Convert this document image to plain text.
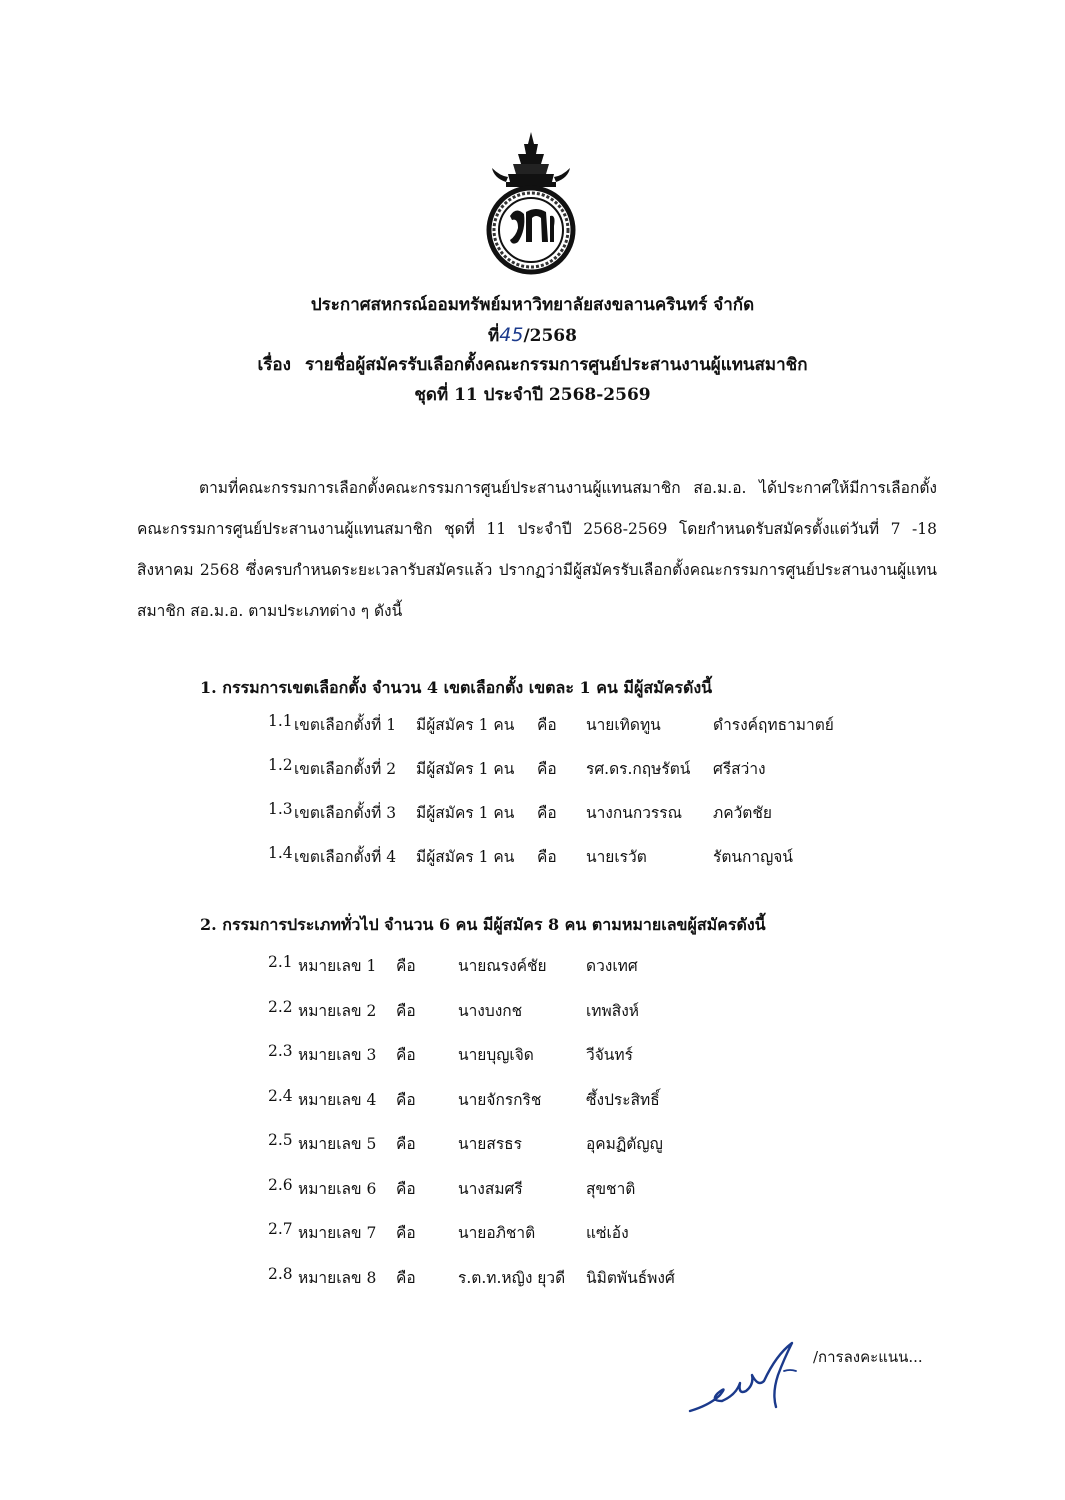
ประกาศสหกรณ์ออมทรัพย์มหาวิทยาลัยสงขลานครินทร์ จำกัด
ที่45/2568
เรื่อง รายชื่อผู้สมัครรับเลือกตั้งคณะกรรมการศูนย์ประสานงานผู้แทนสมาชิก
ชุดที่ 11 ประจำปี 2568-2569

ตามที่คณะกรรมการเลือกตั้งคณะกรรมการศูนย์ประสานงานผู้แทนสมาชิก สอ.ม.อ. ได้ประกาศให้มีการเลือกตั้งคณะกรรมการศูนย์ประสานงานผู้แทนสมาชิก ชุดที่ 11 ประจำปี 2568-2569 โดยกำหนดรับสมัครตั้งแต่วันที่ 7 -18 สิงหาคม 2568 ซึ่งครบกำหนดระยะเวลารับสมัครแล้ว ปรากฏว่ามีผู้สมัครรับเลือกตั้งคณะกรรมการศูนย์ประสานงานผู้แทนสมาชิก สอ.ม.อ. ตามประเภทต่าง ๆ ดังนี้

1. กรรมการเขตเลือกตั้ง จำนวน 4 เขตเลือกตั้ง เขตละ 1 คน มีผู้สมัครดังนี้
1.1 เขตเลือกตั้งที่ 1 มีผู้สมัคร 1 คน คือ นายเทิดทูน	ดำรงค์ฤทธามาตย์
1.2 เขตเลือกตั้งที่ 2 มีผู้สมัคร 1 คน คือ รศ.ดร.กฤษรัตน์ ศรีสว่าง
1.3 เขตเลือกตั้งที่ 3 มีผู้สมัคร 1 คน คือ นางกนกวรรณ ภควัตชัย
1.4 เขตเลือกตั้งที่ 4 มีผู้สมัคร 1 คน คือ นายเรวัต	รัตนกาญจน์
2. กรรมการประเภททั่วไป จำนวน 6 คน มีผู้สมัคร 8 คน ตามหมายเลขผู้สมัครดังนี้
2.1 หมายเลข 1 คือ	นายณรงค์ชัย	ดวงเทศ
2.2 หมายเลข 2 คือ	นางบงกช	เทพสิงห์
2.3 หมายเลข 3 คือ	นายบุญเจิด	วีจันทร์
2.4 หมายเลข 4 คือ	นายจักรกริช	ซึ้งประสิทธิ์
2.5 หมายเลข 5 คือ	นายสรธร	อุคมฏิตัญญู
2.6 หมายเลข 6 คือ	นางสมศรี	สุขชาติ
2.7 หมายเลข 7 คือ	นายอภิชาติ	แซ่เอ้ง
2.8 หมายเลข 8 คือ	ร.ต.ท.หญิง ยุวดี นิมิตพันธ์พงศ์
/การลงคะแนน...
